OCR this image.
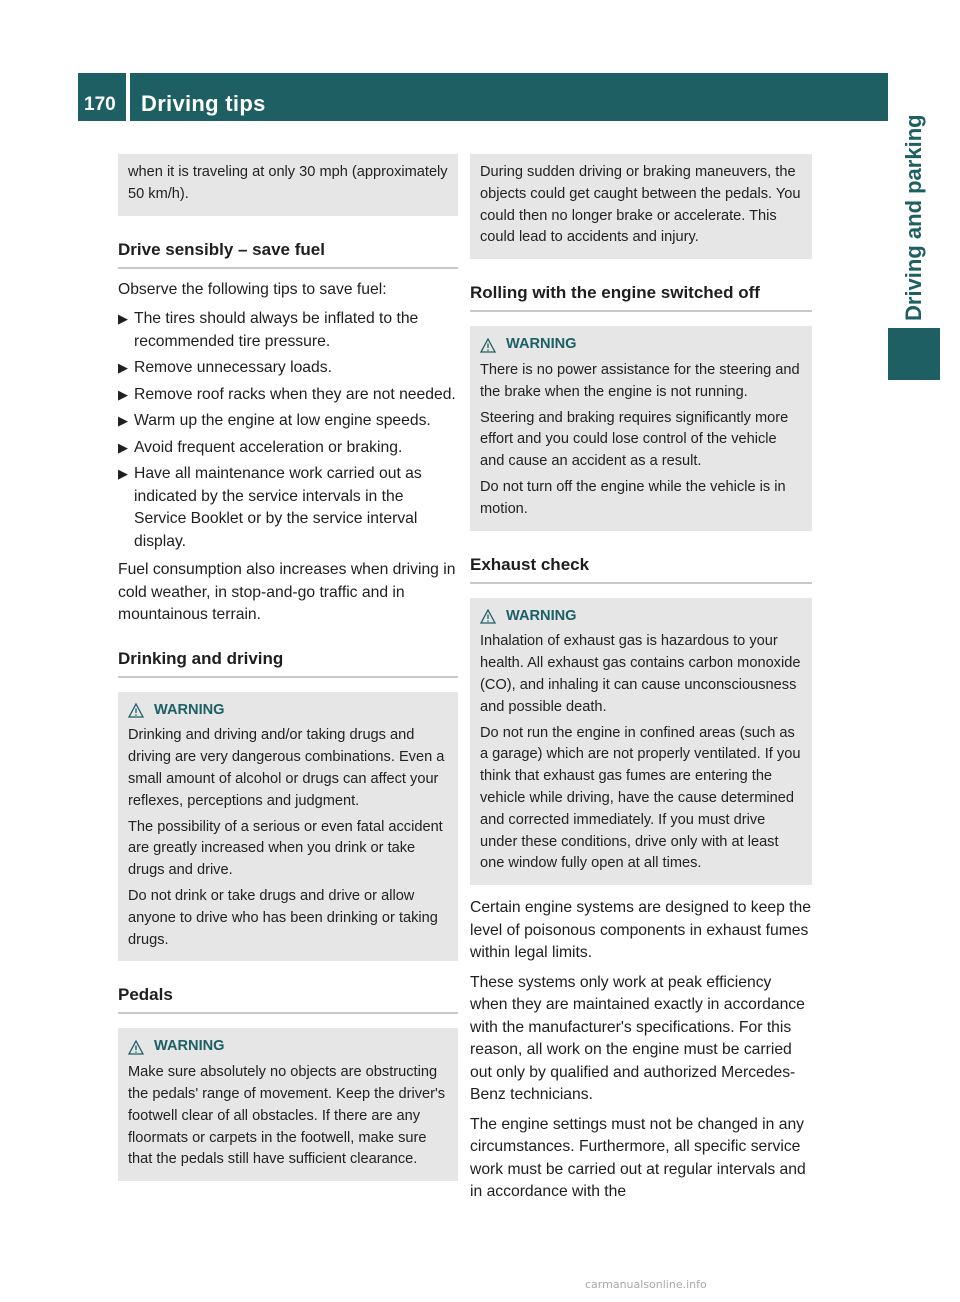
170	Driving tips
Driving and parking

when it is traveling at only 30 mph (approximately 50 km/h).

Drive sensibly – save fuel

Observe the following tips to save fuel:

▶ The tires should always be inflated to the recommended tire pressure.
▶ Remove unnecessary loads.
▶ Remove roof racks when they are not needed.
▶ Warm up the engine at low engine speeds.
▶ Avoid frequent acceleration or braking.
▶ Have all maintenance work carried out as indicated by the service intervals in the Service Booklet or by the service interval display.

Fuel consumption also increases when driving in cold weather, in stop-and-go traffic and in mountainous terrain.

Drinking and driving
WARNING

Drinking and driving and/or taking drugs and driving are very dangerous combinations. Even a small amount of alcohol or drugs can affect your reflexes, perceptions and judgment.

The possibility of a serious or even fatal accident are greatly increased when you drink or take drugs and drive.

Do not drink or take drugs and drive or allow anyone to drive who has been drinking or taking drugs.

Pedals
WARNING

Make sure absolutely no objects are obstructing the pedals' range of movement. Keep the driver's footwell clear of all obstacles. If there are any floormats or carpets in the footwell, make sure that the pedals still have sufficient clearance.

During sudden driving or braking maneuvers, the objects could get caught between the pedals. You could then no longer brake or accelerate. This could lead to accidents and injury.

Rolling with the engine switched off
WARNING

There is no power assistance for the steering and the brake when the engine is not running.

Steering and braking requires significantly more effort and you could lose control of the vehicle and cause an accident as a result.

Do not turn off the engine while the vehicle is in motion.

Exhaust check
WARNING

Inhalation of exhaust gas is hazardous to your health. All exhaust gas contains carbon monoxide (CO), and inhaling it can cause unconsciousness and possible death.

Do not run the engine in confined areas (such as a garage) which are not properly ventilated. If you think that exhaust gas fumes are entering the vehicle while driving, have the cause determined and corrected immediately. If you must drive under these conditions, drive only with at least one window fully open at all times.

Certain engine systems are designed to keep the level of poisonous components in exhaust fumes within legal limits.

These systems only work at peak efficiency when they are maintained exactly in accordance with the manufacturer's specifications. For this reason, all work on the engine must be carried out only by qualified and authorized Mercedes-Benz technicians.

The engine settings must not be changed in any circumstances. Furthermore, all specific service work must be carried out at regular intervals and in accordance with the

carmanualsonline.info
